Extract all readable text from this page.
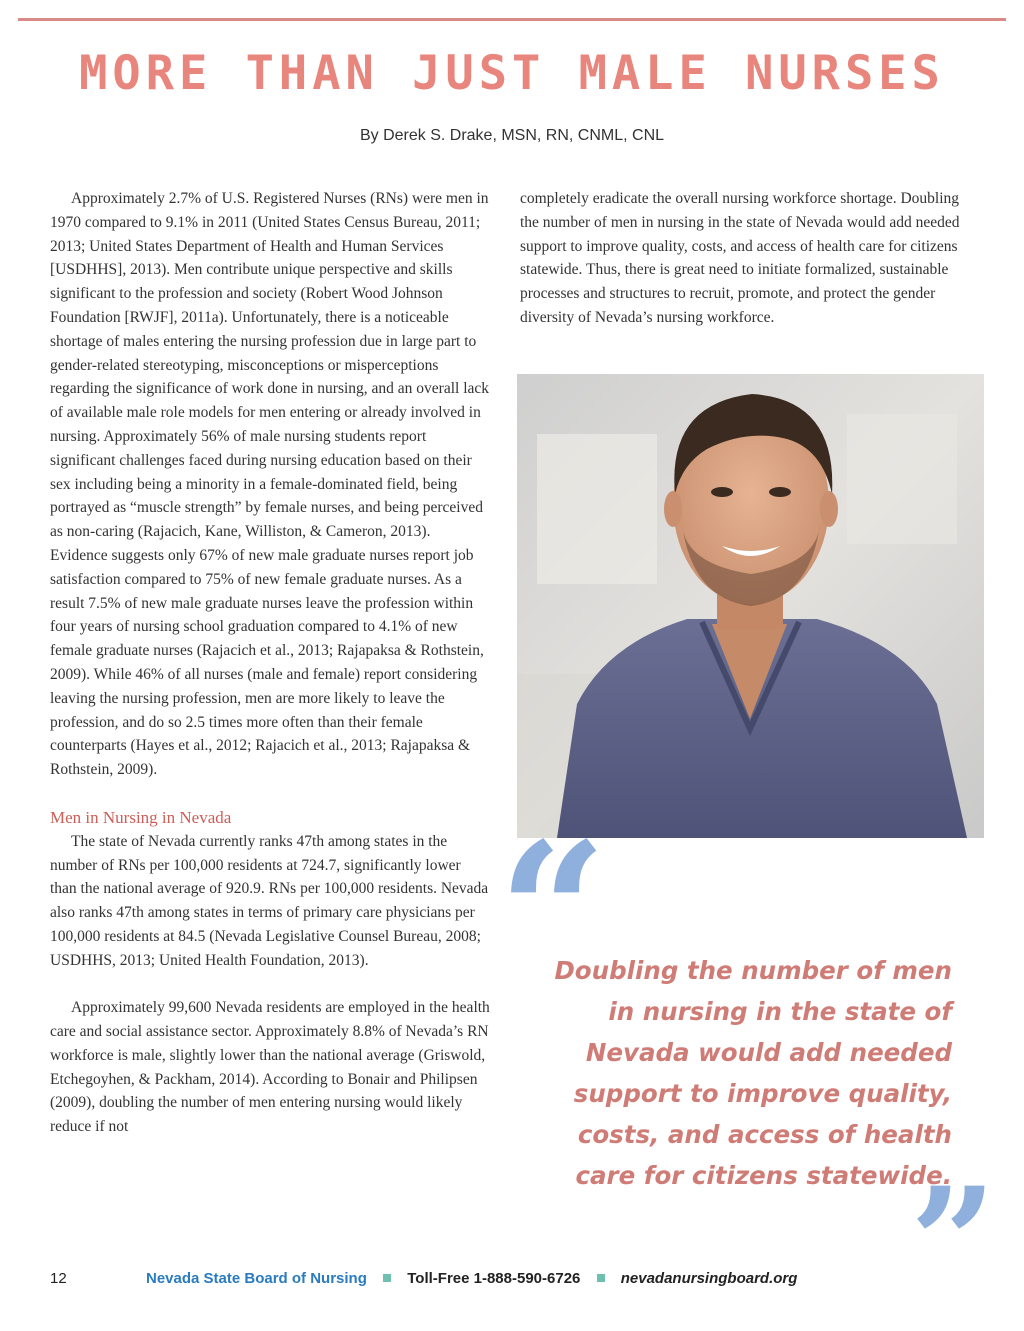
MORE THAN JUST MALE NURSES
By Derek S. Drake, MSN, RN, CNML, CNL

Approximately 2.7% of U.S. Registered Nurses (RNs) were men in 1970 compared to 9.1% in 2011 (United States Census Bureau, 2011; 2013; United States Department of Health and Human Services [USDHHS], 2013). Men contribute unique perspective and skills significant to the profession and society (Robert Wood Johnson Foundation [RWJF], 2011a). Unfortunately, there is a noticeable shortage of males entering the nursing profession due in large part to gender-related stereotyping, misconceptions or misperceptions regarding the significance of work done in nursing, and an overall lack of available male role models for men entering or already involved in nursing. Approximately 56% of male nursing students report significant challenges faced during nursing education based on their sex including being a minority in a female-dominated field, being portrayed as “muscle strength” by female nurses, and being perceived as non-caring (Rajacich, Kane, Williston, & Cameron, 2013). Evidence suggests only 67% of new male graduate nurses report job satisfaction compared to 75% of new female graduate nurses. As a result 7.5% of new male graduate nurses leave the profession within four years of nursing school graduation compared to 4.1% of new female graduate nurses (Rajacich et al., 2013; Rajapaksa & Rothstein, 2009). While 46% of all nurses (male and female) report considering leaving the nursing profession, men are more likely to leave the profession, and do so 2.5 times more often than their female counterparts (Hayes et al., 2012; Rajacich et al., 2013; Rajapaksa & Rothstein, 2009).

Men in Nursing in Nevada

The state of Nevada currently ranks 47th among states in the number of RNs per 100,000 residents at 724.7, significantly lower than the national average of 920.9. RNs per 100,000 residents. Nevada also ranks 47th among states in terms of primary care physicians per 100,000 residents at 84.5 (Nevada Legislative Counsel Bureau, 2008; USDHHS, 2013; United Health Foundation, 2013).

Approximately 99,600 Nevada residents are employed in the health care and social assistance sector. Approximately 8.8% of Nevada’s RN workforce is male, slightly lower than the national average (Griswold, Etchegoyhen, & Packham, 2014). According to Bonair and Philipsen (2009), doubling the number of men entering nursing would likely reduce if not

completely eradicate the overall nursing workforce shortage. Doubling the number of men in nursing in the state of Nevada would add needed support to improve quality, costs, and access of health care for citizens statewide. Thus, there is great need to initiate formalized, sustainable processes and structures to recruit, promote, and protect the gender diversity of Nevada’s nursing workforce.

“
Doubling the number of men in nursing in the state of Nevada would add needed support to improve quality, costs, and access of health care for citizens statewide.
”
12	Nevada State Board of Nursing	Toll-Free 1-888-590-6726	nevadanursingboard.org
